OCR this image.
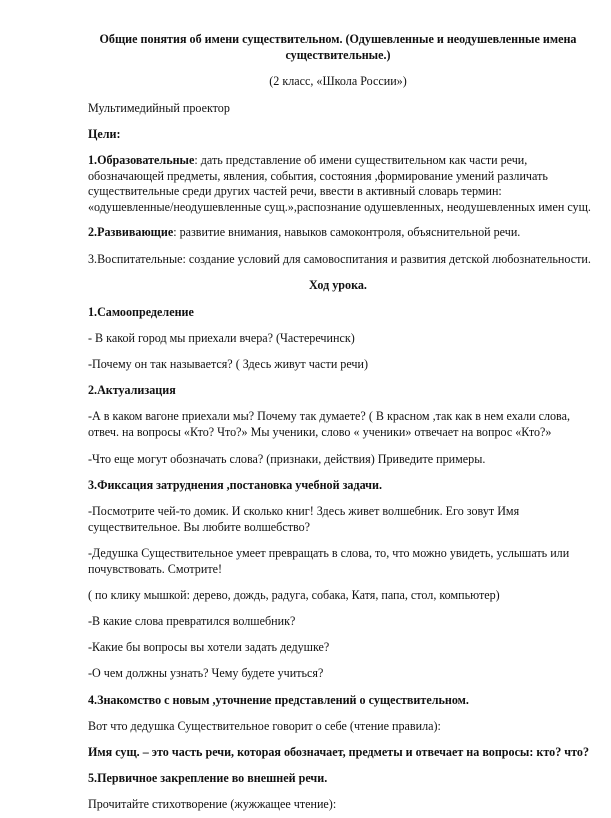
Общие понятия об имени существительном. (Одушевленные и неодушевленные имена
существительные.)
(2 класс, «Школа России»)
Мультимедийный проектор
Цели:
1.Образовательные: дать представление об имени существительном как части речи,
обозначающей предметы, явления, события, состояния ,формирование умений различать
существительные среди других частей речи, ввести в активный словарь термин:
«одушевленные/неодушевленные сущ.»,распознание одушевленных, неодушевленных имен сущ.
2.Развивающие: развитие внимания, навыков самоконтроля, объяснительной речи.
3.Воспитательные: создание условий для самовоспитания и развития детской любознательности.
Ход урока.
1.Самоопределение
- В какой город мы приехали вчера? (Частеречинск)
-Почему он так называется? ( Здесь живут части речи)
2.Актуализация
-А в каком вагоне приехали мы? Почему так думаете? ( В красном ,так как в нем ехали слова,
отвеч. на вопросы «Кто? Что?» Мы ученики, слово « ученики» отвечает на вопрос «Кто?»
-Что еще могут обозначать слова? (признаки, действия) Приведите примеры.
3.Фиксация затруднения ,постановка учебной задачи.
-Посмотрите чей-то домик. И сколько книг! Здесь живет волшебник. Его зовут Имя
существительное. Вы любите волшебство?
-Дедушка Существительное умеет превращать в слова, то, что можно увидеть, услышать или
почувствовать. Смотрите!
( по клику мышкой: дерево, дождь, радуга, собака, Катя, папа, стол, компьютер)
-В какие слова превратился волшебник?
-Какие бы вопросы вы хотели задать дедушке?
-О чем должны узнать? Чему будете учиться?
4.Знакомство с новым ,уточнение представлений о существительном.
Вот что дедушка Существительное говорит о себе (чтение правила):
Имя сущ. – это часть речи, которая обозначает, предметы и отвечает на вопросы: кто? что?
5.Первичное закрепление во внешней речи.
Прочитайте стихотворение (жужжащее чтение):
